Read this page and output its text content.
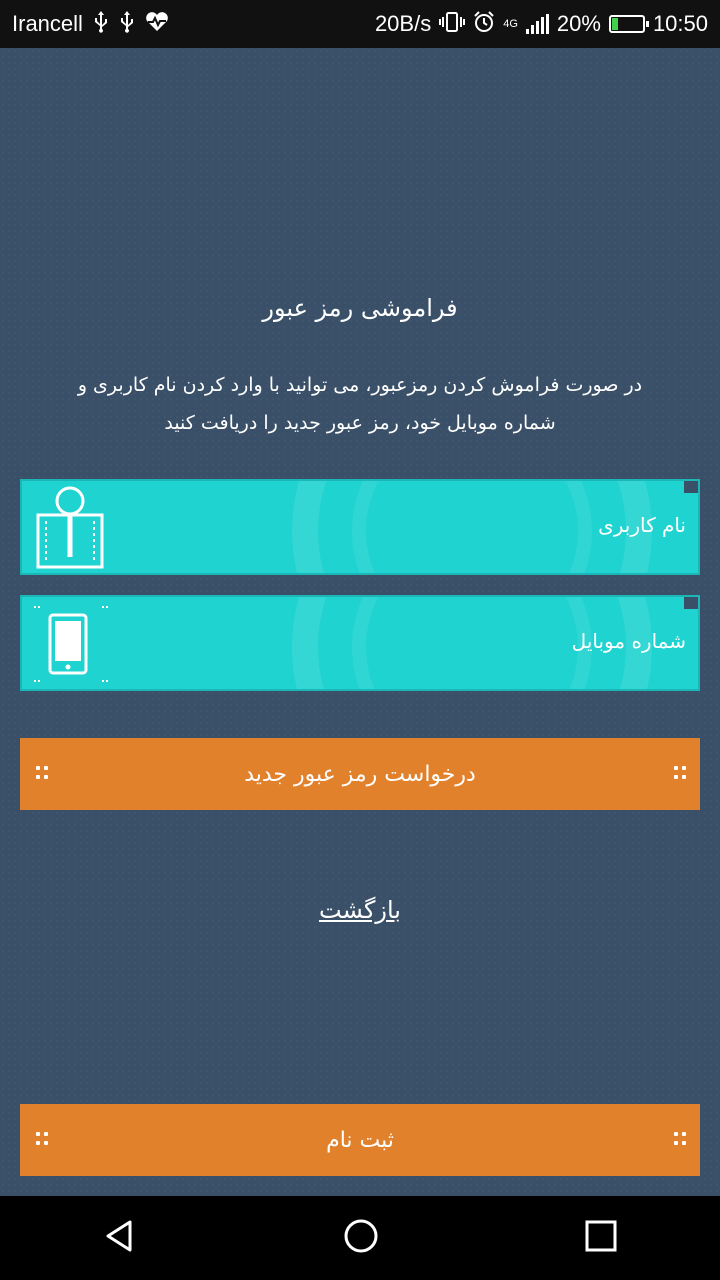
Irancell	20B/s	4G 20% 10:50
فراموشی رمز عبور
در صورت فراموش کردن رمزعبور، می توانید با وارد کردن نام کاربری و شماره موبایل خود، رمز عبور جدید را دریافت کنید
نام کاربری
شماره موبایل
درخواست رمز عبور جدید
بازگشت
ثبت نام
